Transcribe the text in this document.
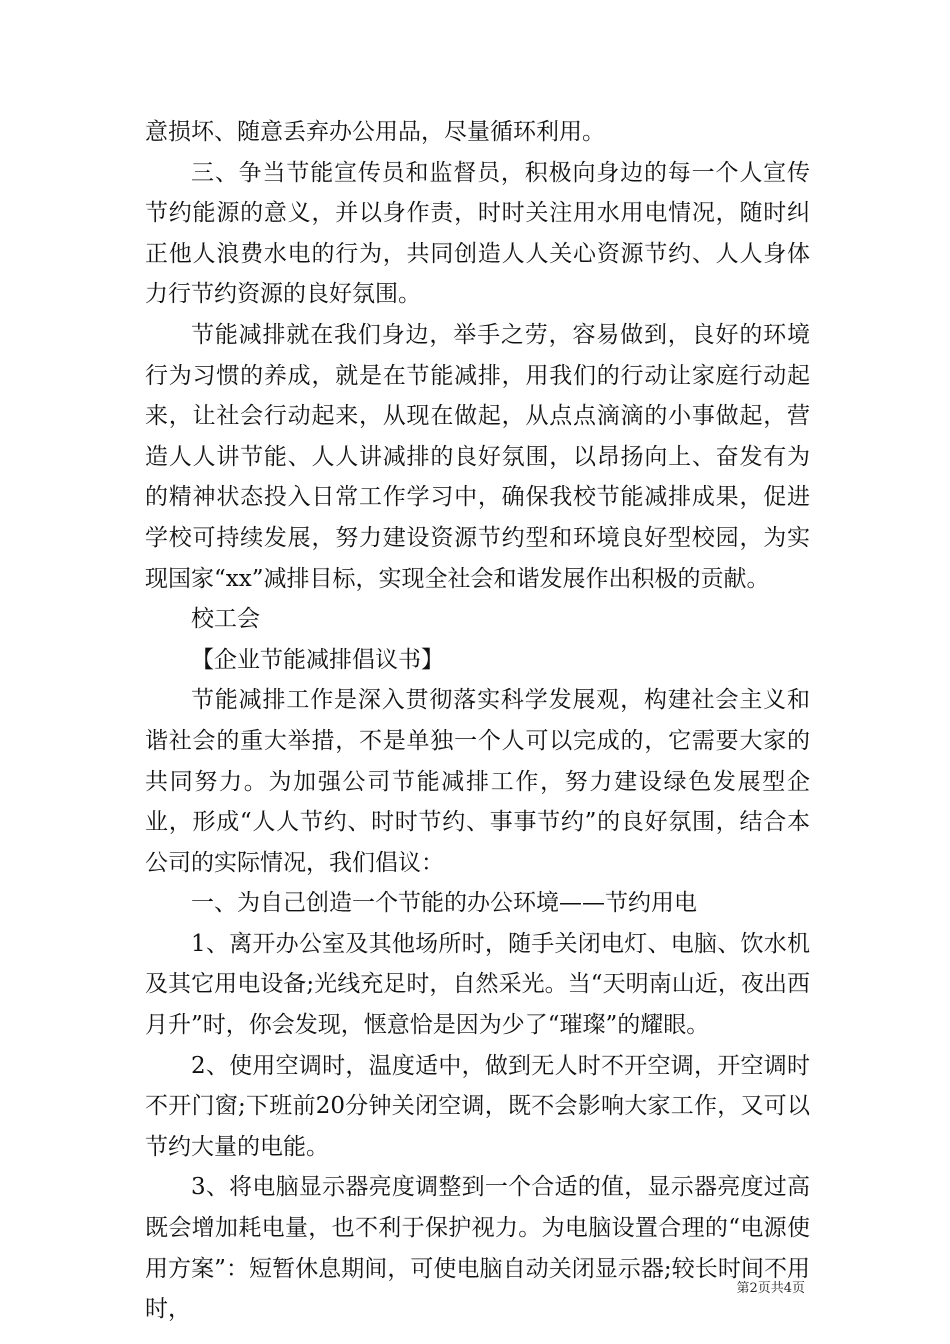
意损坏、随意丢弃办公用品，尽量循环利用。

三、争当节能宣传员和监督员，积极向身边的每一个人宣传节约能源的意义，并以身作责，时时关注用水用电情况，随时纠正他人浪费水电的行为，共同创造人人关心资源节约、人人身体力行节约资源的良好氛围。

节能减排就在我们身边，举手之劳，容易做到，良好的环境行为习惯的养成，就是在节能减排，用我们的行动让家庭行动起来，让社会行动起来，从现在做起，从点点滴滴的小事做起，营造人人讲节能、人人讲减排的良好氛围，以昂扬向上、奋发有为的精神状态投入日常工作学习中，确保我校节能减排成果，促进学校可持续发展，努力建设资源节约型和环境良好型校园，为实现国家“xx”减排目标，实现全社会和谐发展作出积极的贡献。

校工会

【企业节能减排倡议书】

节能减排工作是深入贯彻落实科学发展观，构建社会主义和谐社会的重大举措，不是单独一个人可以完成的，它需要大家的共同努力。为加强公司节能减排工作，努力建设绿色发展型企业，形成“人人节约、时时节约、事事节约”的良好氛围，结合本公司的实际情况，我们倡议：

一、为自己创造一个节能的办公环境——节约用电

1、离开办公室及其他场所时，随手关闭电灯、电脑、饮水机及其它用电设备;光线充足时，自然采光。当“天明南山近，夜出西月升”时，你会发现，惬意恰是因为少了“璀璨”的耀眼。

2、使用空调时，温度适中，做到无人时不开空调，开空调时不开门窗;下班前20分钟关闭空调，既不会影响大家工作，又可以节约大量的电能。

3、将电脑显示器亮度调整到一个合适的值，显示器亮度过高既会增加耗电量，也不利于保护视力。为电脑设置合理的“电源使用方案”：短暂休息期间，可使电脑自动关闭显示器;较长时间不用时，

第2页共4页
